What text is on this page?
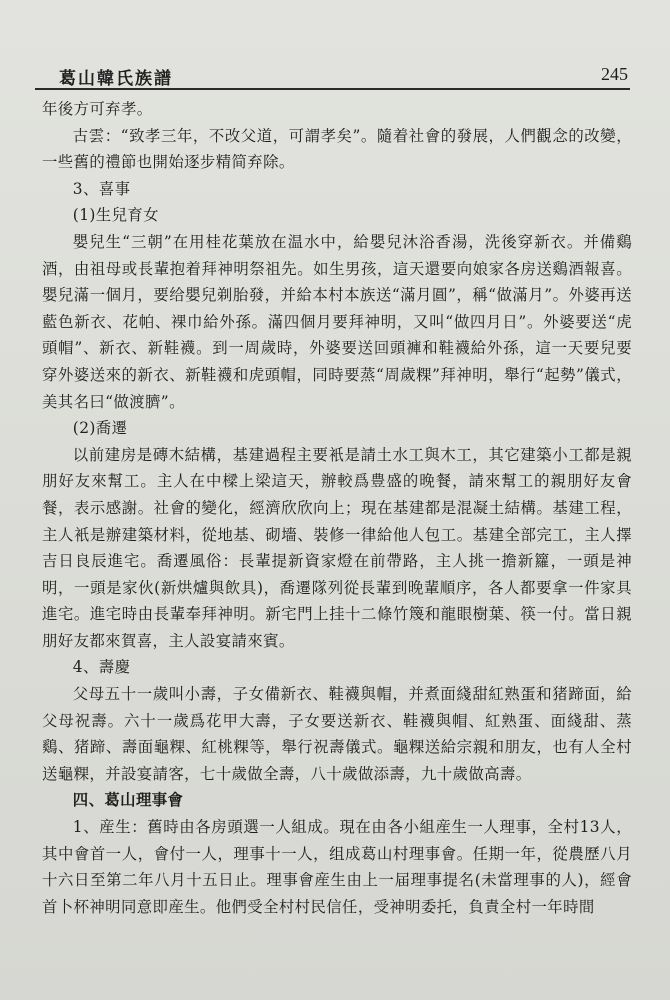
葛山韓氏族譜	245

年後方可弃孝。

古雲：“致孝三年，不改父道，可謂孝矣”。隨着社會的發展，人們觀念的改變，一些舊的禮節也開始逐步精简弃除。

3、喜事

(1)生兒育女

嬰兒生“三朝”在用桂花葉放在温水中，給嬰兒沐浴香湯，洗後穿新衣。并備鷄酒，由祖母或長輩抱着拜神明祭祖先。如生男孩，這天還要向娘家各房送鷄酒報喜。嬰兒滿一個月，要给嬰兒剃胎發，并給本村本族送“滿月圓”，稱“做滿月”。外婆再送藍色新衣、花帕、裸巾給外孫。滿四個月要拜神明，又叫“做四月日”。外婆要送“虎頭帽”、新衣、新鞋襪。到一周歲時，外婆要送回頭褲和鞋襪給外孫，這一天要兒要穿外婆送來的新衣、新鞋襪和虎頭帽，同時要蒸“周歲粿”拜神明，舉行“起勢”儀式，美其名曰“做渡臍”。

(2)喬遷

以前建房是磚木結構，基建過程主要衹是請土水工與木工，其它建築小工都是親朋好友來幫工。主人在中樑上梁這天，辦較爲豊盛的晚餐，請來幫工的親朋好友會餐，表示感謝。社會的變化，經濟欣欣向上；現在基建都是混凝土結構。基建工程，主人衹是辦建築材料，從地基、砌墻、裝修一律給他人包工。基建全部完工，主人擇吉日良辰進宅。喬遷風俗：長輩提新資家燈在前帶路，主人挑一擔新籮，一頭是神明，一頭是家伙(新烘爐與飲具)，喬遷隊列從長輩到晚輩順序，各人都要拿一件家具進宅。進宅時由長輩奉拜神明。新宅門上挂十二條竹篾和龍眼樹葉、筷一付。當日親朋好友都來賀喜，主人設宴請來賓。

4、壽慶

父母五十一歲叫小壽，子女備新衣、鞋襪與帽，并煮面綫甜紅熟蛋和猪蹄面，給父母祝壽。六十一歲爲花甲大壽，子女要送新衣、鞋襪與帽、紅熟蛋、面綫甜、蒸鷄、猪蹄、壽面龜粿、紅桃粿等，舉行祝壽儀式。龜粿送給宗親和朋友，也有人全村送龜粿，并設宴請客，七十歲做全壽，八十歲做添壽，九十歲做高壽。

四、葛山理事會

1、産生：舊時由各房頭選一人組成。現在由各小組産生一人理事，全村13人，其中會首一人，會付一人，理事十一人，组成葛山村理事會。任期一年，從農歷八月十六日至第二年八月十五日止。理事會産生由上一届理事提名(未當理事的人)，經會首卜杯神明同意即産生。他們受全村村民信任，受神明委托，負責全村一年時間
